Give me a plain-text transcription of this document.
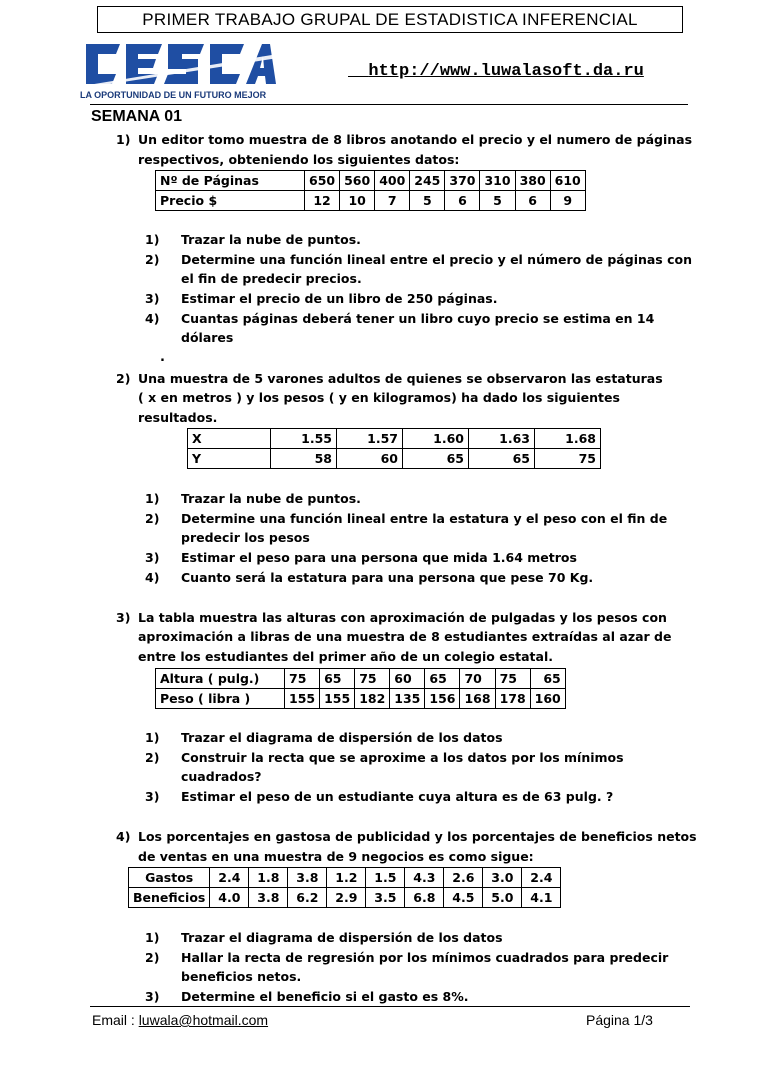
PRIMER TRABAJO GRUPAL DE ESTADISTICA INFERENCIAL
LA OPORTUNIDAD DE UN FUTURO MEJOR
http://www.luwalasoft.da.ru
SEMANA 01
1) Un editor tomo muestra de 8 libros anotando el precio y el numero de páginas
respectivos, obteniendo los siguientes datos:
Nº de Páginas	650	560	400	245	370	310	380	610
Precio $	12	10	7	5	6	5	6	9
1) Trazar la nube de puntos.
2) Determine una función lineal entre el precio y el número de páginas con
el fin de predecir precios.
3) Estimar el precio de un libro de 250 páginas.
4) Cuantas páginas deberá tener un libro cuyo precio se estima en 14
dólares
.
2) Una muestra de 5 varones adultos de quienes se observaron las estaturas
( x en metros ) y los pesos ( y en kilogramos) ha dado los siguientes
resultados.
X	1.55	1.57	1.60	1.63	1.68
Y	58	60	65	65	75
1) Trazar la nube de puntos.
2) Determine una función lineal entre la estatura y el peso con el fin de
predecir los pesos
3) Estimar el peso para una persona que mida 1.64 metros
4) Cuanto será la estatura para una persona que pese 70 Kg.
3) La tabla muestra las alturas con aproximación de pulgadas y los pesos con
aproximación a libras de una muestra de 8 estudiantes extraídas al azar de
entre los estudiantes del primer año de un colegio estatal.
Altura ( pulg.)	75	65	75	60	65	70	75	65
Peso ( libra )	155	155	182	135	156	168	178	160
1) Trazar el diagrama de dispersión de los datos
2) Construir la recta que se aproxime a los datos por los mínimos
cuadrados?
3) Estimar el peso de un estudiante cuya altura es de 63 pulg. ?
4) Los porcentajes en gastosa de publicidad y los porcentajes de beneficios netos
de ventas en una muestra de 9 negocios es como sigue:
Gastos	2.4	1.8	3.8	1.2	1.5	4.3	2.6	3.0	2.4
Beneficios	4.0	3.8	6.2	2.9	3.5	6.8	4.5	5.0	4.1
1) Trazar el diagrama de dispersión de los datos
2) Hallar la recta de regresión por los mínimos cuadrados para predecir
beneficios netos.
3) Determine el beneficio si el gasto es 8%.
Email : luwala@hotmail.com	Página 1/3
